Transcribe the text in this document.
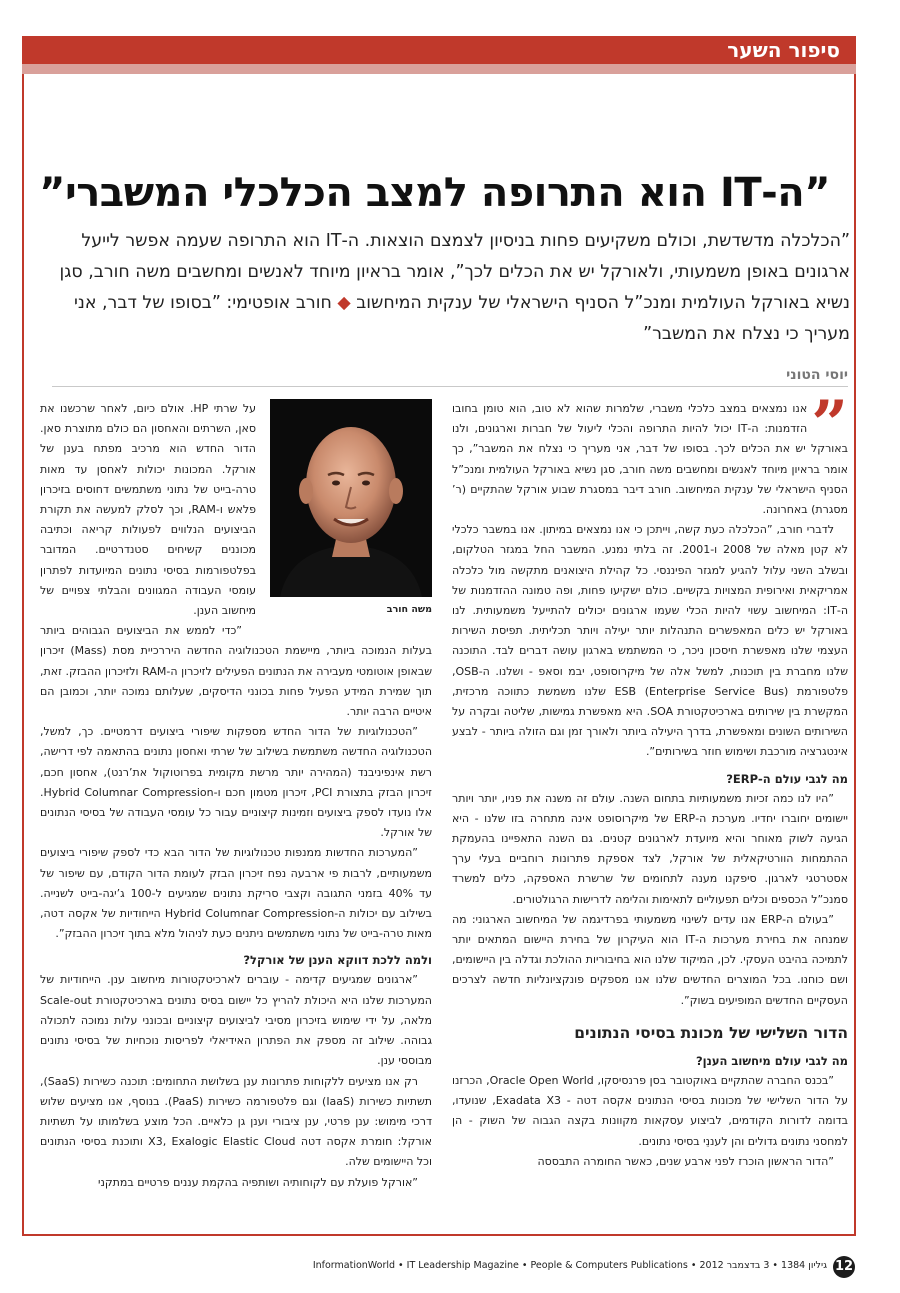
סיפור השער
”ה-IT הוא התרופה למצב הכלכלי המשברי”
”הכלכלה מדשדשת, וכולם משקיעים פחות בניסיון לצמצם הוצאות. ה-IT הוא התרופה שעמה אפשר לייעל ארגונים באופן משמעותי, ולאורקל יש את הכלים לכך”, אומר בראיון מיוחד לאנשים ומחשבים משה חורב, סגן נשיא באורקל העולמית ומנכ”ל הסניף הישראלי של ענקית המיחשוב ◆ חורב אופטימי: ”בסופו של דבר, אני מעריך כי נצלח את המשבר”
יוסי הטוני
”

אנו נמצאים במצב כלכלי משברי, שלמרות שהוא לא טוב, הוא טומן בחובו הזדמנות: ה-IT יכול להיות התרופה והכלי ליעול של חברות וארגונים, ולנו באורקל יש את הכלים לכך. בסופו של דבר, אני מעריך כי נצלח את המשבר”, כך אומר בראיון מיוחד לאנשים ומחשבים משה חורב, סגן נשיא באורקל העולמית ומנכ”ל הסניף הישראלי של ענקית המיחשוב. חורב דיבר במסגרת שבוע אורקל שהתקיים (ר’ מסגרת) באחרונה.

לדברי חורב, ”הכלכלה כעת קשה, וייתכן כי אנו נמצאים במיתון. אנו במשבר כלכלי לא קטן מאלה של 2008 ו-2001. זה בלתי נמנע. המשבר החל במגזר הטלקום, ובשלב השני עלול להגיע למגזר הפיננסי. כל קהילת היצואנים מתקשה מול כלכלה אמריקאית ואירופית המצויות בקשיים. כולם ישקיעו פחות, ופה טמונה ההזדמנות של ה-IT: המיחשוב עשוי להיות הכלי שעמו ארגונים יכולים להתייעל משמעותית. לנו באורקל יש כלים המאפשרים התנהלות יותר יעילה ויותר תכליתית. תפיסת השירות העצמי שלנו מאפשרת חיסכון ניכר, כי המשתמש בארגון עושה דברים לבד. התוכנה שלנו מחברת בין תוכנות, למשל אלה של מיקרוסופט, יבמ וסאפ - ושלנו. ה-OSB, פלטפורמת ESB (Enterprise Service Bus) שלנו משמשת כתווכה מרכזית, המקשרת בין שירותים בארכיטקטורת SOA. היא מאפשרת גמישות, שליטה ובקרה על השירותים השונים ומאפשרת, בדרך היעילה ביותר ולאורך זמן וגם הזולה ביותר - לבצע אינטגרציה מורכבת ושימוש חוזר בשירותים”.

מה לגבי עולם ה-ERP?

”היו לנו כמה זכיות משמעותיות בתחום השנה. עולם זה משנה את פניו, יותר ויותר יישומים יחוברו יחדיו. מערכת ה-ERP של מיקרוסופט אינה מתחרה בזו שלנו - היא הגיעה לשוק מאוחר והיא מיועדת לארגונים קטנים. גם השנה התאפיינו בהעמקת ההתמחות הוורטיקאלית של אורקל, לצד אספקת פתרונות רוחביים בעלי ערך אסטרטגי לארגון. סיפקנו מענה לתחומים של שרשרת האספקה, כלים למשרד סמנכ”ל הכספים וכלים תפעוליים לתאימות והלימה לדרישות הרגולטורים.

”בעולם ה-ERP אנו עדים לשינוי משמעותי בפרדיגמה של המיחשוב הארגוני: מה שמנחה את בחירת מערכות ה-IT הוא העיקרון של בחירת היישום המתאים יותר לתמיכה בהיבט העסקי. לכן, המיקוד שלנו הוא בחיבוריות ההולכת וגדלה בין היישומים, ושם כוחנו. בכל המוצרים החדשים שלנו אנו מספקים פונקציונליות חדשה לצרכים העסקיים החדשים המופיעים בשוק”.

הדור השלישי של מכונת בסיסי הנתונים
מה לגבי עולם מיחשוב הענן?

”בכנס החברה שהתקיים באוקטובר בסן פרנסיסקו, Oracle Open World, הכרזנו על הדור השלישי של מכונות בסיסי הנתונים אקסה דטה - Exadata X3, שנועדו, בדומה לדורות הקודמים, לביצוע עסקאות מקוונות בקצה הגבוה של השוק - הן למחסני נתונים גדולים והן לעננֵי בסיסי נתונים.

”הדור הראשון הוכרז לפני ארבע שנים, כאשר החומרה התבססה

משה חורב

על שרתי HP. אולם כיום, לאחר שרכשנו את סאן, השרתים והאחסון הם כולם מתוצרת סאן. הדור החדש הוא מרכיב מפתח בענן של אורקל. המכונות יכולות לאחסן עד מאות טרה-בייט של נתוני משתמשים דחוסים בזיכרון פלאש ו-RAM, וכך לסלק למעשה את תקורת הביצועים הנלווים לפעולות קריאה וכתיבה מכוננים קשיחים סטנדרטיים. המדובר בפלטפורמות בסיסי נתונים המיועדות לפתרון עומסי העבודה המגוונים והבלתי צפויים של מיחשוב הענן.

”כדי לממש את הביצועים הגבוהים ביותר בעלות הנמוכה ביותר, מיישמת הטכנולוגיה החדשה היררכיית מסת (Mass) זיכרון שבאופן אוטומטי מעבירה את הנתונים הפעילים לזיכרון ה-RAM ולזיכרון ההבזק. זאת, תוך שמירת המידע הפעיל פחות בכונני הדיסקים, שעלותם נמוכה יותר, וכמובן הם איטיים הרבה יותר.

”הטכנולוגיות של הדור החדש מספקות שיפורי ביצועים דרמטיים. כך, למשל, הטכנולוגיה החדשה משתמשת בשילוב של שרתי ואחסון נתונים בהתאמה לפי דרישה, רשת אינפיניבנד (המהירה יותר מרשת מקומית בפרוטוקול את’רנט), אחסון חכם, זיכרון הבזק בתצורת PCI, זיכרון מטמון חכם ו-Hybrid Columnar Compression. אלו נועדו לספק ביצועים וזמינות קיצוניים עבור כל עומסי העבודה של בסיסי הנתונים של אורקל.

”המערכות החדשות ממנפות טכנולוגיות של הדור הבא כדי לספק שיפורי ביצועים משמעותיים, לרבות פי ארבעה נפח זיכרון הבזק לעומת הדור הקודם, עם שיפור של עד 40% בזמני התגובה וקצבי סריקת נתונים שמגיעים ל-100 ג’יגה-בייט לשנייה. בשילוב עם יכולות ה-Hybrid Columnar Compression הייחודיות של אקסה דטה, מאות טרה-בייט של נתוני משתמשים ניתנים כעת לניהול מלא בתוך זיכרון ההבזק”.

ולמה ללכת דווקא הענן של אורקל?

”ארגונים שמגיעים קדימה - עוברים לארכיטקטורות מיחשוב ענן. הייחודיות של המערכות שלנו היא היכולת להריץ כל יישום בסיס נתונים בארכיטקטורת Scale-out מלאה, על ידי שימוש בזיכרון מסיבי לביצועים קיצוניים ובכונני עלות נמוכה לתכולה גבוהה. שילוב זה מספק את הפתרון האידיאלי לפריסות נוכחיות של בסיסי נתונים מבוססי ענן.

רק אנו מציעים ללקוחות פתרונות ענן בשלושת התחומים: תוכנה כשירות (SaaS), תשתיות כשירות (IaaS) וגם פלטפורמה כשירות (PaaS). בנוסף, אנו מציעים שלוש דרכי מימוש: ענן פרטי, ענן ציבורי וענן גן כלאיים. הכל מוצע בשלמותו על תשתיות אורקל: חומרת אקסה דטה X3, Exalogic Elastic Cloud ותוכנת בסיסי הנתונים וכל היישומים שלה.

”אורקל פועלת עם לקוחותיה ושותפיה בהקמת עננים פרטיים במתקני

12
גיליון 1384 • 3 בדצמבר 2012 • InformationWorld • IT Leadership Magazine • People & Computers Publications
